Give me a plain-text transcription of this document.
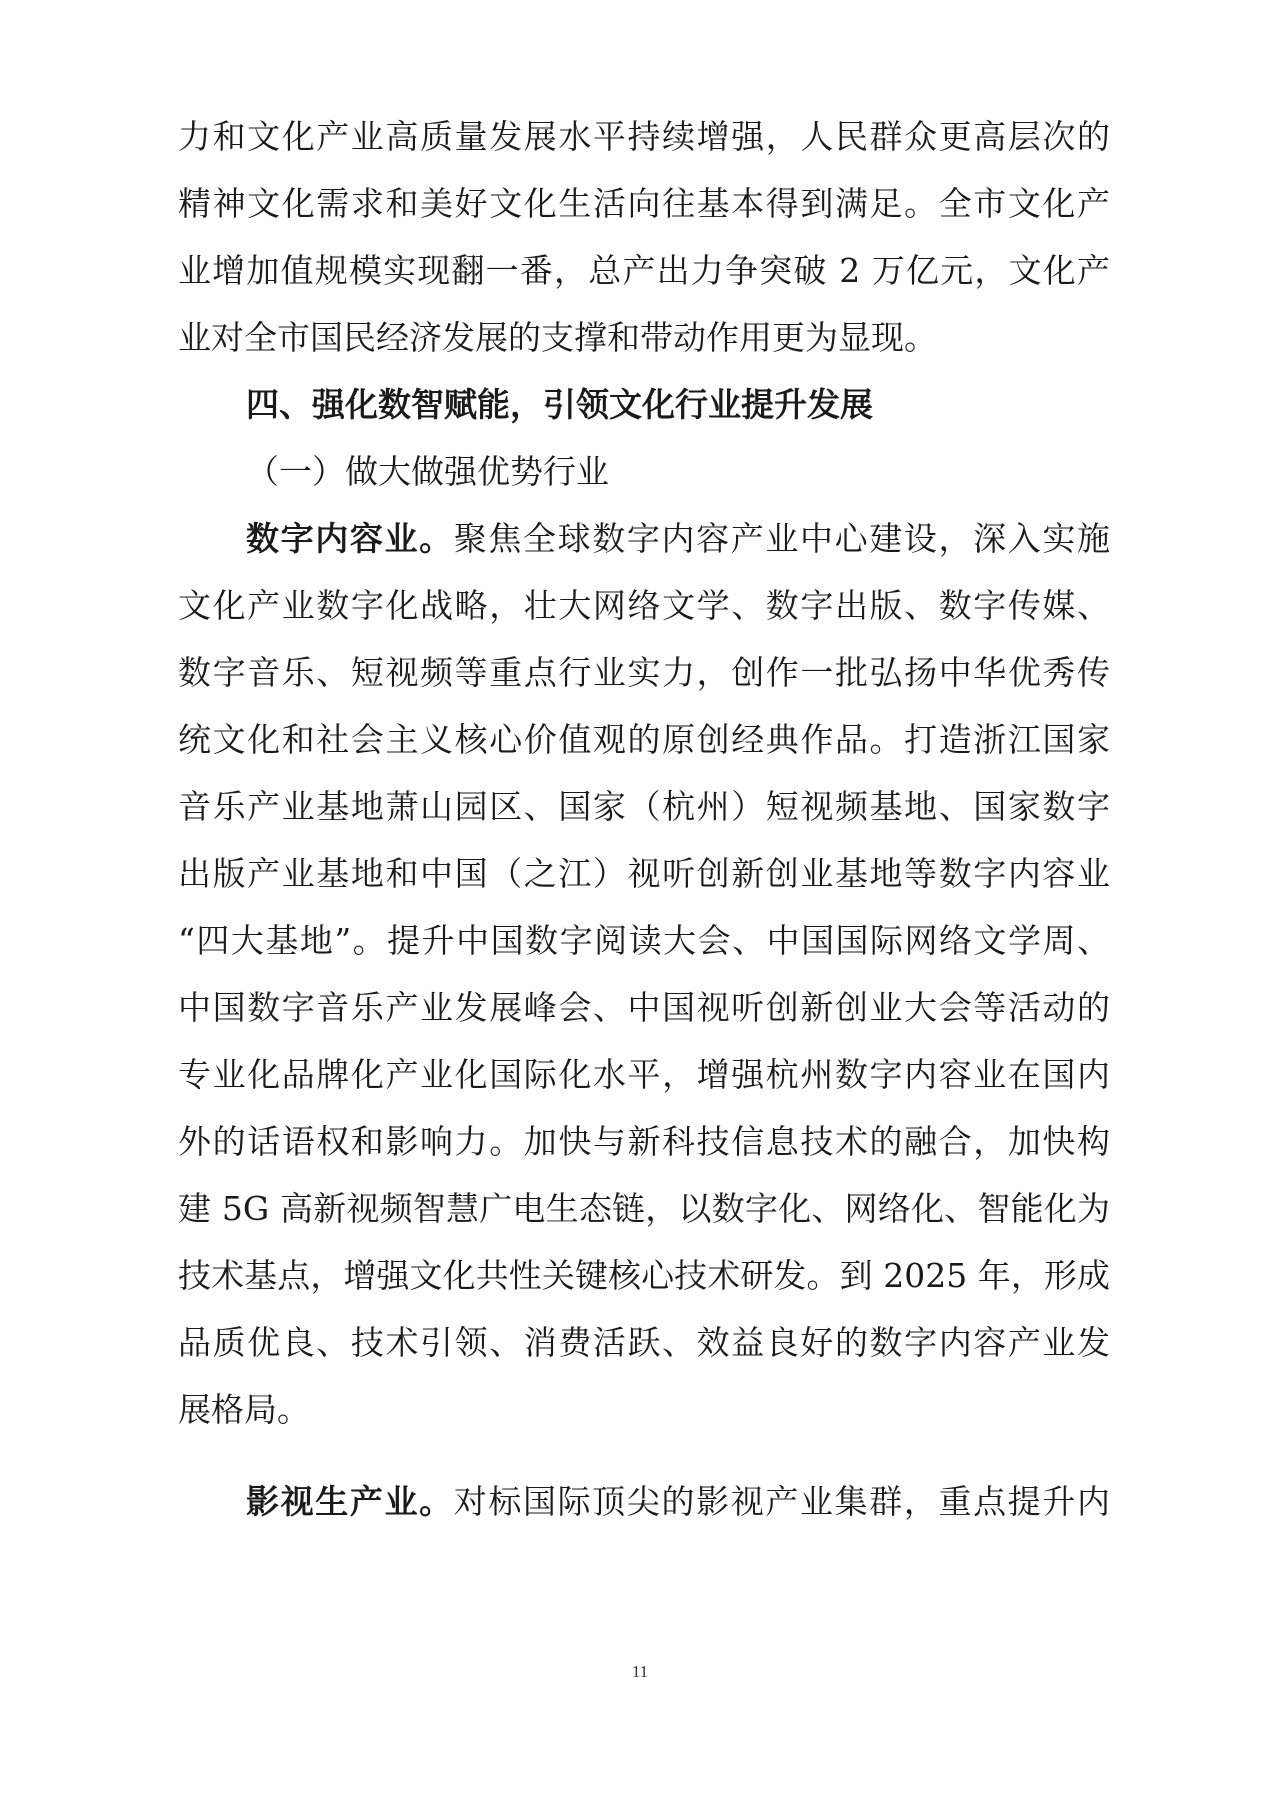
力和文化产业高质量发展水平持续增强，人民群众更高层次的
精神文化需求和美好文化生活向往基本得到满足。全市文化产
业增加值规模实现翻一番，总产出力争突破 2 万亿元，文化产
业对全市国民经济发展的支撑和带动作用更为显现。
四、强化数智赋能，引领文化行业提升发展
（一）做大做强优势行业
数字内容业。聚焦全球数字内容产业中心建设，深入实施
文化产业数字化战略，壮大网络文学、数字出版、数字传媒、
数字音乐、短视频等重点行业实力，创作一批弘扬中华优秀传
统文化和社会主义核心价值观的原创经典作品。打造浙江国家
音乐产业基地萧山园区、国家（杭州）短视频基地、国家数字
出版产业基地和中国（之江）视听创新创业基地等数字内容业
“四大基地”。提升中国数字阅读大会、中国国际网络文学周、
中国数字音乐产业发展峰会、中国视听创新创业大会等活动的
专业化品牌化产业化国际化水平，增强杭州数字内容业在国内
外的话语权和影响力。加快与新科技信息技术的融合，加快构
建 5G 高新视频智慧广电生态链，以数字化、网络化、智能化为
技术基点，增强文化共性关键核心技术研发。到 2025 年，形成
品质优良、技术引领、消费活跃、效益良好的数字内容产业发
展格局。
影视生产业。对标国际顶尖的影视产业集群，重点提升内
11
